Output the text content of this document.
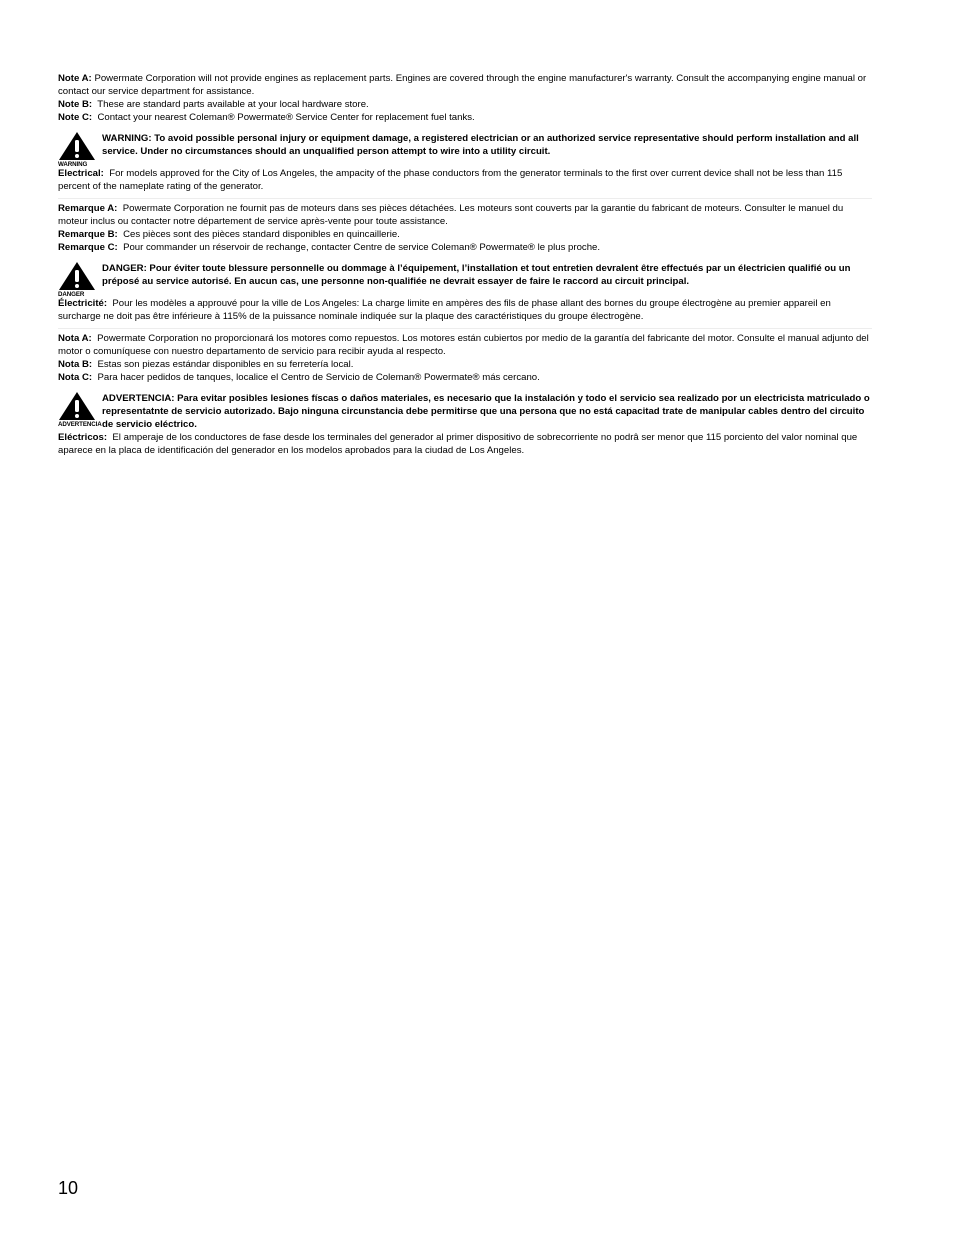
Note A: Powermate Corporation will not provide engines as replacement parts. Engines are covered through the engine manufacturer's warranty. Consult the accompanying engine manual or contact our service department for assistance.

Note B: These are standard parts available at your local hardware store.

Note C: Contact your nearest Coleman® Powermate® Service Center for replacement fuel tanks.

WARNING
WARNING: To avoid possible personal injury or equipment damage, a registered electrician or an authorized service representative should perform installation and all service. Under no circumstances should an unqualified person attempt to wire into a utility circuit.

Electrical: For models approved for the City of Los Angeles, the ampacity of the phase conductors from the generator terminals to the first over current device shall not be less than 115 percent of the nameplate rating of the generator.

Remarque A: Powermate Corporation ne fournit pas de moteurs dans ses pièces détachées. Les moteurs sont couverts par la garantie du fabricant de moteurs. Consulter le manuel du moteur inclus ou contacter notre département de service après-vente pour toute assistance.

Remarque B: Ces pièces sont des pièces standard disponibles en quincaillerie.

Remarque C: Pour commander un réservoir de rechange, contacter Centre de service Coleman® Powermate® le plus proche.

DANGER
DANGER: Pour éviter toute blessure personnelle ou dommage à l’équipement, l’installation et tout entretien devralent être effectués par un électricien qualifié ou un préposé au service autorisé. En aucun cas, une personne non-qualifiée ne devrait essayer de faire le raccord au circuit principal.

Électricité: Pour les modèles a approuvé pour la ville de Los Angeles: La charge limite en ampères des fils de phase allant des bornes du groupe électrogène au premier appareil en surcharge ne doit pas être inférieure à 115% de la puissance nominale indiquée sur la plaque des caractéristiques du groupe électrogène.

Nota A: Powermate Corporation no proporcionará los motores como repuestos. Los motores están cubiertos por medio de la garantía del fabricante del motor. Consulte el manual adjunto del motor o comuníquese con nuestro departamento de servicio para recibir ayuda al respecto.

Nota B: Estas son piezas estándar disponibles en su ferretería local.

Nota C: Para hacer pedidos de tanques, localice el Centro de Servicio de Coleman® Powermate® más cercano.

ADVERTENCIA
ADVERTENCIA: Para evitar posibles lesiones físcas o daños materiales, es necesario que la instalación y todo el servicio sea realizado por un electricista matriculado o representatnte de servicio autorizado. Bajo ninguna circunstancia debe permitirse que una persona que no está capacitad trate de manipular cables dentro del circuito de servicio eléctrico.

Eléctricos: El amperaje de los conductores de fase desde los terminales del generador al primer dispositivo de sobrecorriente no podrâ ser menor que 115 porciento del valor nominal que aparece en la placa de identificación del generador en los modelos aprobados para la ciudad de Los Angeles.

10
